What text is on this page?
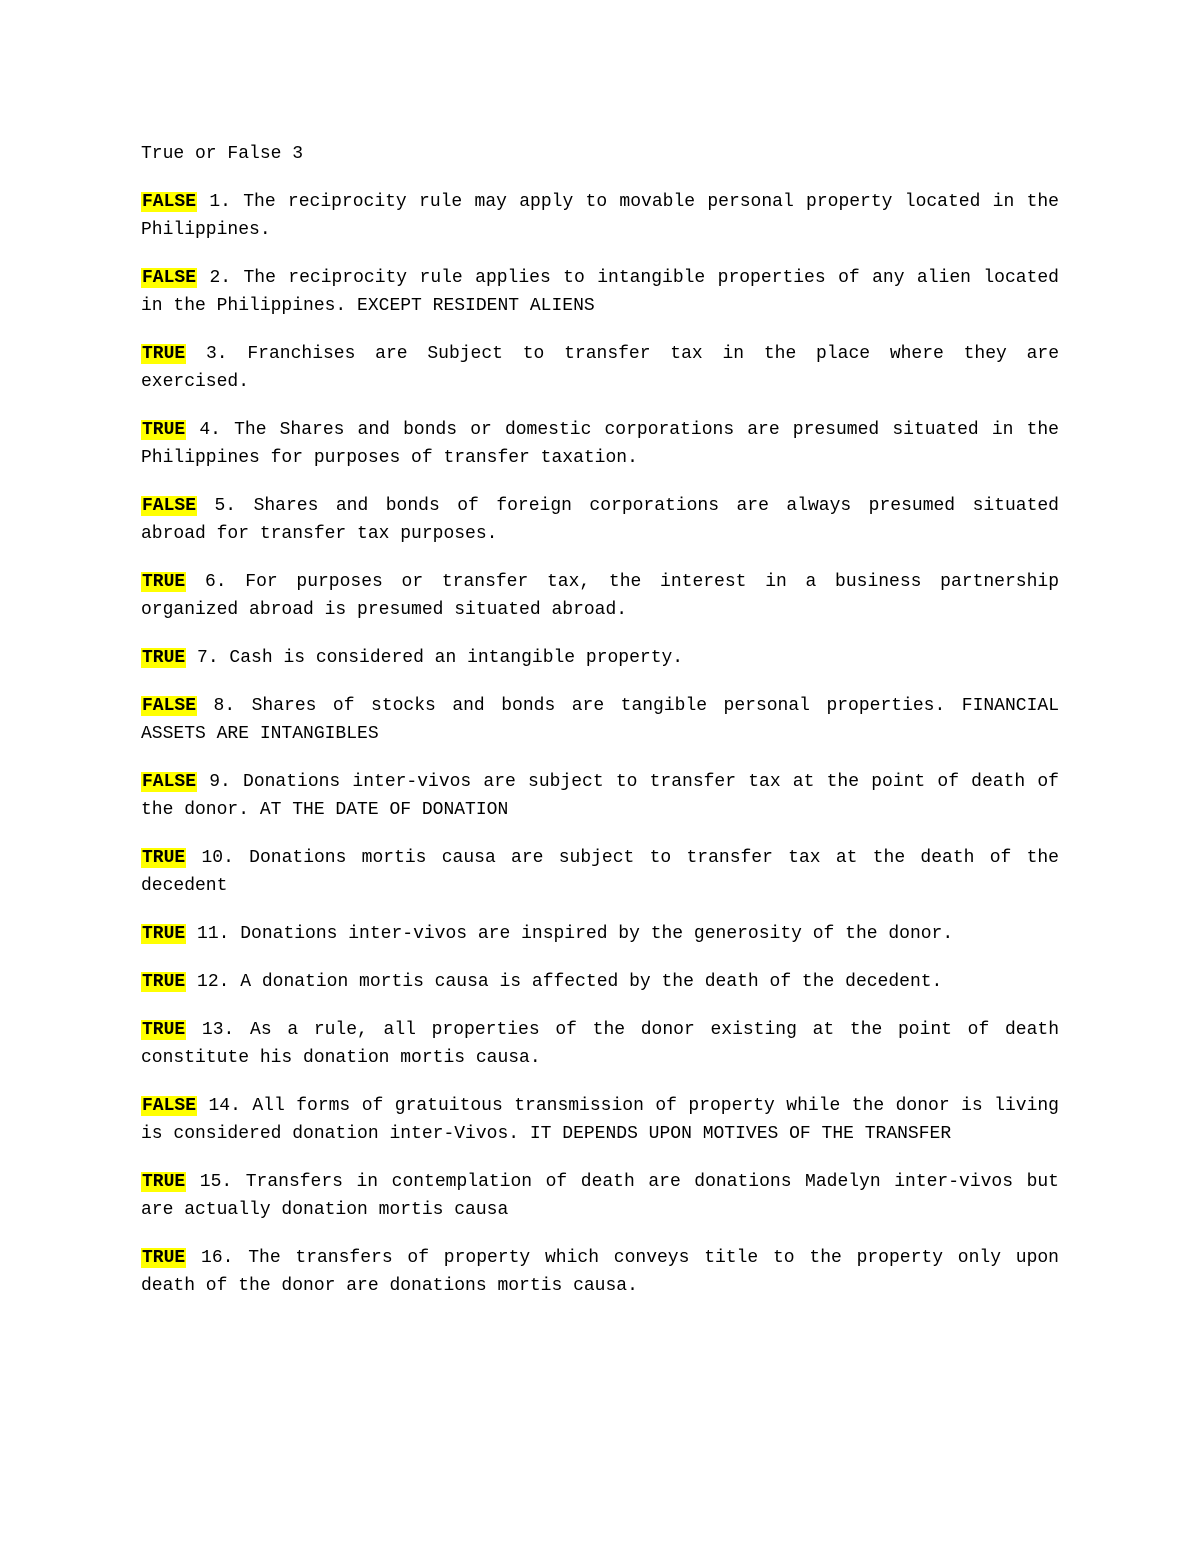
True or False 3

FALSE 1. The reciprocity rule may apply to movable personal property located in the Philippines.

FALSE 2. The reciprocity rule applies to intangible properties of any alien located in the Philippines. EXCEPT RESIDENT ALIENS

TRUE 3. Franchises are Subject to transfer tax in the place where they are exercised.

TRUE 4. The Shares and bonds or domestic corporations are presumed situated in the Philippines for purposes of transfer taxation.

FALSE 5. Shares and bonds of foreign corporations are always presumed situated abroad for transfer tax purposes.

TRUE 6. For purposes or transfer tax, the interest in a business partnership organized abroad is presumed situated abroad.

TRUE 7. Cash is considered an intangible property.

FALSE 8. Shares of stocks and bonds are tangible personal properties. FINANCIAL ASSETS ARE INTANGIBLES

FALSE 9. Donations inter-vivos are subject to transfer tax at the point of death of the donor. AT THE DATE OF DONATION

TRUE 10. Donations mortis causa are subject to transfer tax at the death of the decedent

TRUE 11. Donations inter-vivos are inspired by the generosity of the donor.

TRUE 12. A donation mortis causa is affected by the death of the decedent.

TRUE 13. As a rule, all properties of the donor existing at the point of death constitute his donation mortis causa.

FALSE 14. All forms of gratuitous transmission of property while the donor is living is considered donation inter-Vivos. IT DEPENDS UPON MOTIVES OF THE TRANSFER

TRUE 15. Transfers in contemplation of death are donations Madelyn inter-vivos but are actually donation mortis causa

TRUE 16. The transfers of property which conveys title to the property only upon death of the donor are donations mortis causa.
